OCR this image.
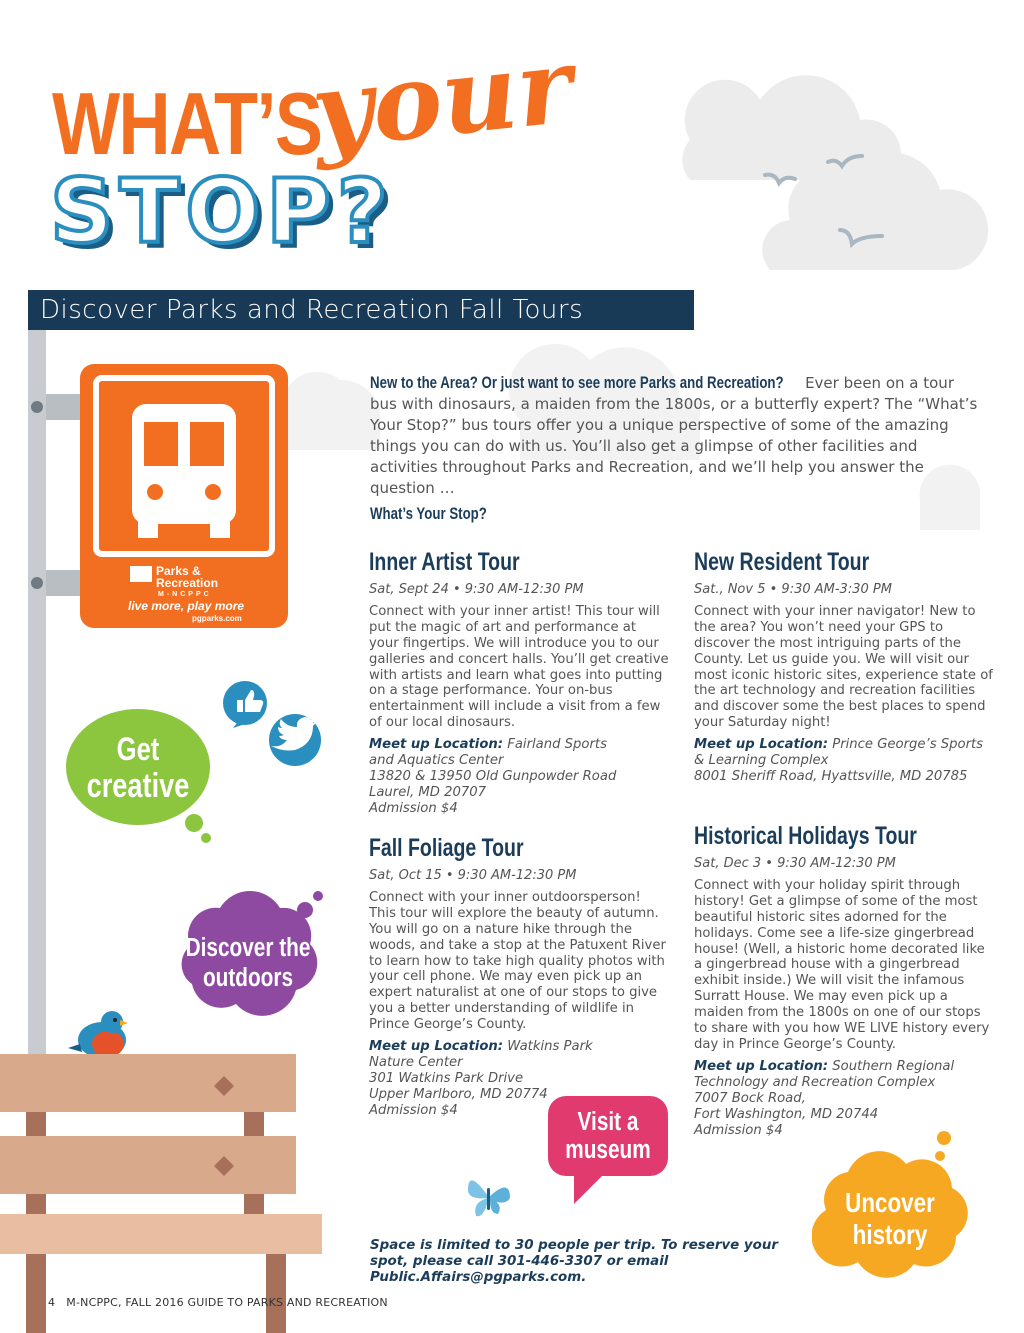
WHAT’S
your
STOP?
Discover Parks and Recreation Fall Tours
Parks &
Recreation
M-NCPPC
live more, play more
pgparks.com
Get
creative
Discover the
outdoors
New to the Area? Or just want to see more Parks and Recreation? Ever been on a tour bus with dinosaurs, a maiden from the 1800s, or a butterfly expert? The “What’s Your Stop?” bus tours offer you a unique perspective of some of the amazing things you can do with us. You’ll also get a glimpse of other facilities and activities throughout Parks and Recreation, and we’ll help you answer the question …
What’s Your Stop?
Inner Artist Tour
Sat, Sept 24 • 9:30 AM-12:30 PM
Connect with your inner artist! This tour will put the magic of art and performance at your fingertips. We will introduce you to our galleries and concert halls. You’ll get creative with artists and learn what goes into putting on a stage performance. Your on-bus entertainment will include a visit from a few of our local dinosaurs.
Meet up Location: Fairland Sports
and Aquatics Center
13820 & 13950 Old Gunpowder Road
Laurel, MD 20707
Admission $4
New Resident Tour
Sat., Nov 5 • 9:30 AM-3:30 PM
Connect with your inner navigator! New to the area? You won’t need your GPS to discover the most intriguing parts of the County. Let us guide you. We will visit our most iconic historic sites, experience state of the art technology and recreation facilities and discover some the best places to spend your Saturday night!
Meet up Location: Prince George’s Sports
& Learning Complex
8001 Sheriff Road, Hyattsville, MD 20785
Fall Foliage Tour
Sat, Oct 15 • 9:30 AM-12:30 PM
Connect with your inner outdoorsperson! This tour will explore the beauty of autumn. You will go on a nature hike through the woods, and take a stop at the Patuxent River to learn how to take high quality photos with your cell phone. We may even pick up an expert naturalist at one of our stops to give you a better understanding of wildlife in Prince George’s County.
Meet up Location: Watkins Park
Nature Center
301 Watkins Park Drive
Upper Marlboro, MD 20774
Admission $4
Historical Holidays Tour
Sat, Dec 3 • 9:30 AM-12:30 PM
Connect with your holiday spirit through history! Get a glimpse of some of the most beautiful historic sites adorned for the holidays. Come see a life-size gingerbread house! (Well, a historic home decorated like a gingerbread house with a gingerbread exhibit inside.) We will visit the infamous Surratt House. We may even pick up a maiden from the 1800s on one of our stops to share with you how WE LIVE history every day in Prince George’s County.
Meet up Location: Southern Regional
Technology and Recreation Complex
7007 Bock Road,
Fort Washington, MD 20744
Admission $4
Visit a
museum
Uncover
history
Space is limited to 30 people per trip. To reserve your spot, please call 301-446-3307 or email Public.Affairs@pgparks.com.
4 M-NCPPC, FALL 2016 GUIDE TO PARKS AND RECREATION
